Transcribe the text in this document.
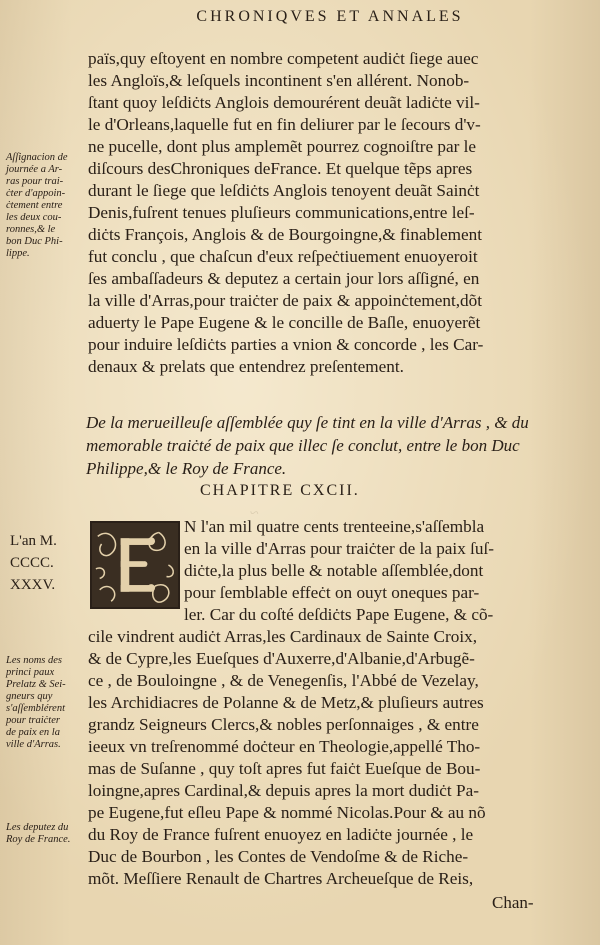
~
CHRONIQVES ET ANNALES
païs,quy eſtoyent en nombre competent audiċt ſiege auec
les Angloïs,& leſquels incontinent s'en allérent. Nonob-
ſtant quoy leſdiċts Anglois demourérent deuãt ladiċte vil-
le d'Orleans,laquelle fut en fin deliurer par le ſecours d'v-
ne pucelle, dont plus amplemẽt pourrez cognoiſtre par le
diſcours desChroniques deFrance. Et quelque tẽps apres
durant le ſiege que leſdiċts Anglois tenoyent deuãt Sainċt
Denis,fuſrent tenues pluſieurs communications,entre leſ-
diċts François, Anglois & de Bourgoingne,& finablement
fut conclu , que chaſcun d'eux reſpeċtiuement enuoyeroit
ſes ambaſſadeurs & deputez a certain jour lors aſſigné, en
la ville d'Arras,pour traiċter de paix & appoinċtement,dõt
aduerty le Pape Eugene & le concille de Baſle, enuoyerẽt
pour induire leſdiċts parties a vnion & concorde , les Car-
denaux & prelats que entendrez preſentement.
De la merueilleuſe aſſemblée quy ſe tint en la ville d'Arras , & du
memorable traiċté de paix que illec ſe conclut, entre le bon Duc
Philippe,& le Roy de France.
CHAPITRE CXCII.
N l'an mil quatre cents trenteeine,s'aſſembla
en la ville d'Arras pour traiċter de la paix ſuſ-
diċte,la plus belle & notable aſſemblée,dont
pour ſemblable effeċt on ouyt oneques par-
ler. Car du coſté deſdiċts Pape Eugene, & cõ-
cile vindrent audiċt Arras,les Cardinaux de Sainte Croix,
& de Cypre,les Eueſques d'Auxerre,d'Albanie,d'Arbugẽ-
ce , de Bouloingne , & de Venegenſis, l'Abbé de Vezelay,
les Archidiacres de Polanne & de Metz,& pluſieurs autres
grandz Seigneurs Clercs,& nobles perſonnaiges , & entre
ieeux vn treſrenommé doċteur en Theologie,appellé Tho-
mas de Suſanne , quy toſt apres fut faiċt Eueſque de Bou-
loingne,apres Cardinal,& depuis apres la mort dudiċt Pa-
pe Eugene,fut eſleu Pape & nommé Nicolas.Pour & au nõ
du Roy de France fuſrent enuoyez en ladiċte journée , le
Duc de Bourbon , les Contes de Vendoſme & de Riche-
mõt. Meſſiere Renault de Chartres Archeueſque de Reis,
Aſſignacion de
journée a Ar-
ras pour trai-
ċter d'appoin-
ċtement entre
les deux cou-
ronnes,& le
bon Duc Phi-
lippe.
L'an M.
CCCC.
XXXV.
Les noms des
princi paux
Prelatz & Sei-
gneurs quy
s'aſſemblérent
pour traiċter
de paix en la
ville d'Arras.
Les deputez du
Roy de France.
Chan-
